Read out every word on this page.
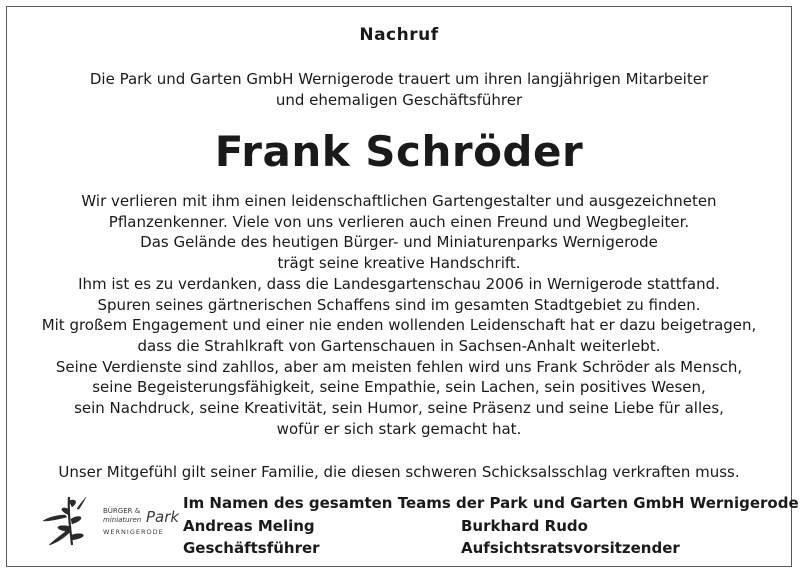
Nachruf
Die Park und Garten GmbH Wernigerode trauert um ihren langjährigen Mitarbeiter
und ehemaligen Geschäftsführer
Frank Schröder
Wir verlieren mit ihm einen leidenschaftlichen Gartengestalter und ausgezeichneten
Pflanzenkenner. Viele von uns verlieren auch einen Freund und Wegbegleiter.
Das Gelände des heutigen Bürger- und Miniaturenparks Wernigerode
trägt seine kreative Handschrift.
Ihm ist es zu verdanken, dass die Landesgartenschau 2006 in Wernigerode stattfand.
Spuren seines gärtnerischen Schaffens sind im gesamten Stadtgebiet zu finden.
Mit großem Engagement und einer nie enden wollenden Leidenschaft hat er dazu beigetragen,
dass die Strahlkraft von Gartenschauen in Sachsen-Anhalt weiterlebt.
Seine Verdienste sind zahllos, aber am meisten fehlen wird uns Frank Schröder als Mensch,
seine Begeisterungsfähigkeit, seine Empathie, sein Lachen, sein positives Wesen,
sein Nachdruck, seine Kreativität, sein Humor, seine Präsenz und seine Liebe für alles,
wofür er sich stark gemacht hat.
Unser Mitgefühl gilt seiner Familie, die diesen schweren Schicksalsschlag verkraften muss.
BÜRGER &
miniaturen Park
WERNIGERODE
Im Namen des gesamten Teams der Park und Garten GmbH Wernigerode
Andreas Meling
Geschäftsführer
Burkhard Rudo
Aufsichtsratsvorsitzender
